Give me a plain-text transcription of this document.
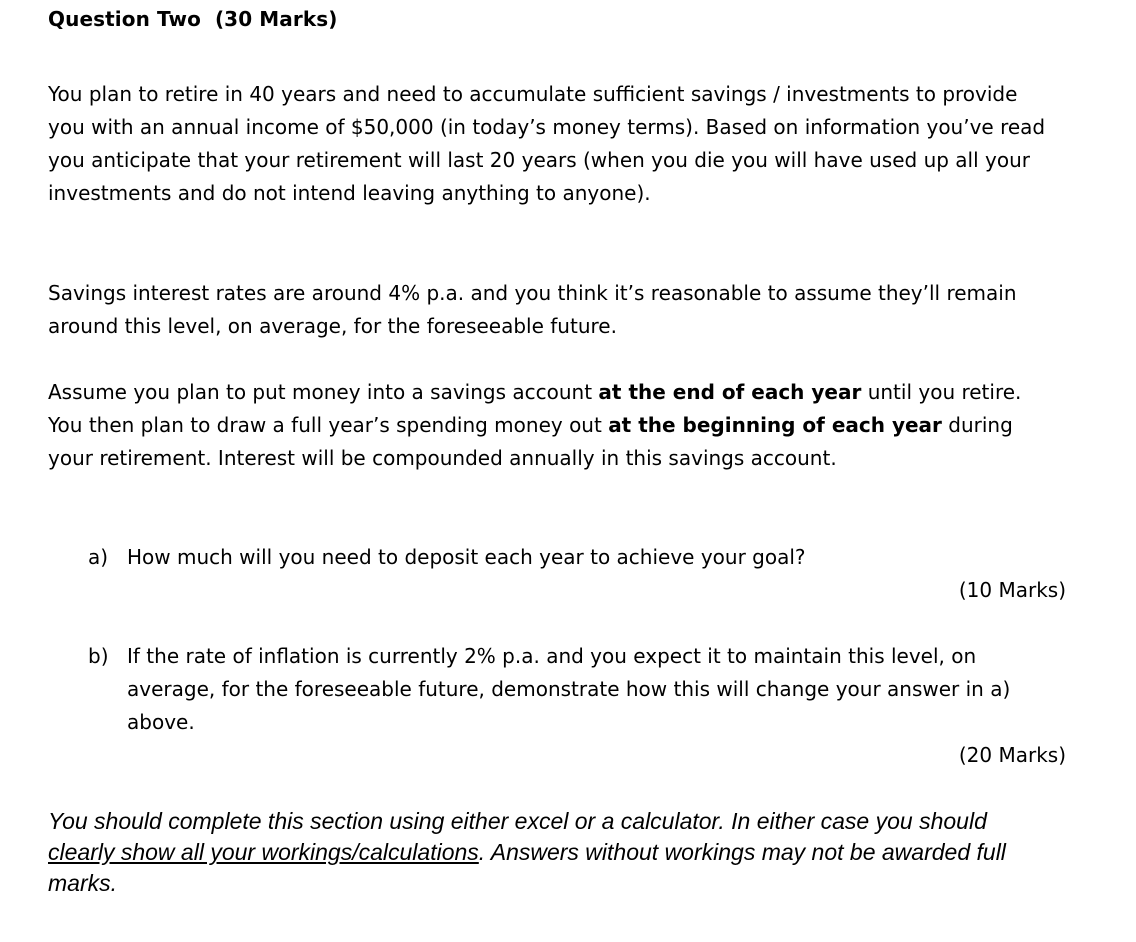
Question Two (30 Marks)

You plan to retire in 40 years and need to accumulate sufficient savings / investments to provide you with an annual income of $50,000 (in today’s money terms). Based on information you’ve read you anticipate that your retirement will last 20 years (when you die you will have used up all your investments and do not intend leaving anything to anyone).

Savings interest rates are around 4% p.a. and you think it’s reasonable to assume they’ll remain around this level, on average, for the foreseeable future.

Assume you plan to put money into a savings account at the end of each year until you retire. You then plan to draw a full year’s spending money out at the beginning of each year during your retirement. Interest will be compounded annually in this savings account.

a) How much will you need to deposit each year to achieve your goal?
(10 Marks)
b) If the rate of inflation is currently 2% p.a. and you expect it to maintain this level, on average, for the foreseeable future, demonstrate how this will change your answer in a) above.
(20 Marks)
You should complete this section using either excel or a calculator. In either case you should clearly show all your workings/calculations. Answers without workings may not be awarded full marks.
